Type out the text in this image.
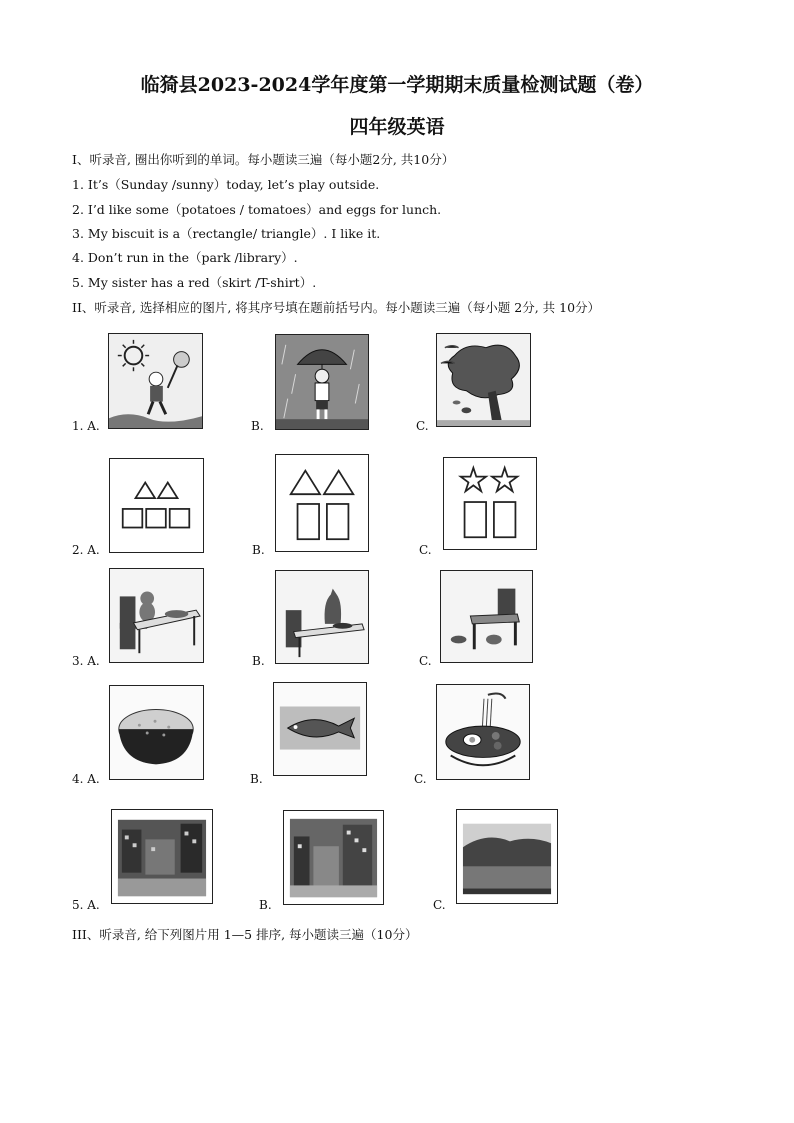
临猗县2023-2024学年度第一学期期末质量检测试题（卷）
四年级英语
I、听录音, 圈出你听到的单词。每小题读三遍（每小题2分, 共10分）
1. It’s（Sunday /sunny）today, let’s play outside.
2. I’d like some（potatoes / tomatoes）and eggs for lunch.
3. My biscuit is a（rectangle/ triangle）. I like it.
4. Don’t run in the（park /library）.
5. My sister has a red（skirt /T-shirt）.
II、听录音, 选择相应的图片, 将其序号填在题前括号内。每小题读三遍（每小题 2分, 共 10分）
1. A.	B.	C.
2. A.	B.	C.
3. A.	B.	C.
4. A.	B.	C.
5. A.	B.	C.
III、听录音, 给下列图片用 1—5 排序, 每小题读三遍（10分）
